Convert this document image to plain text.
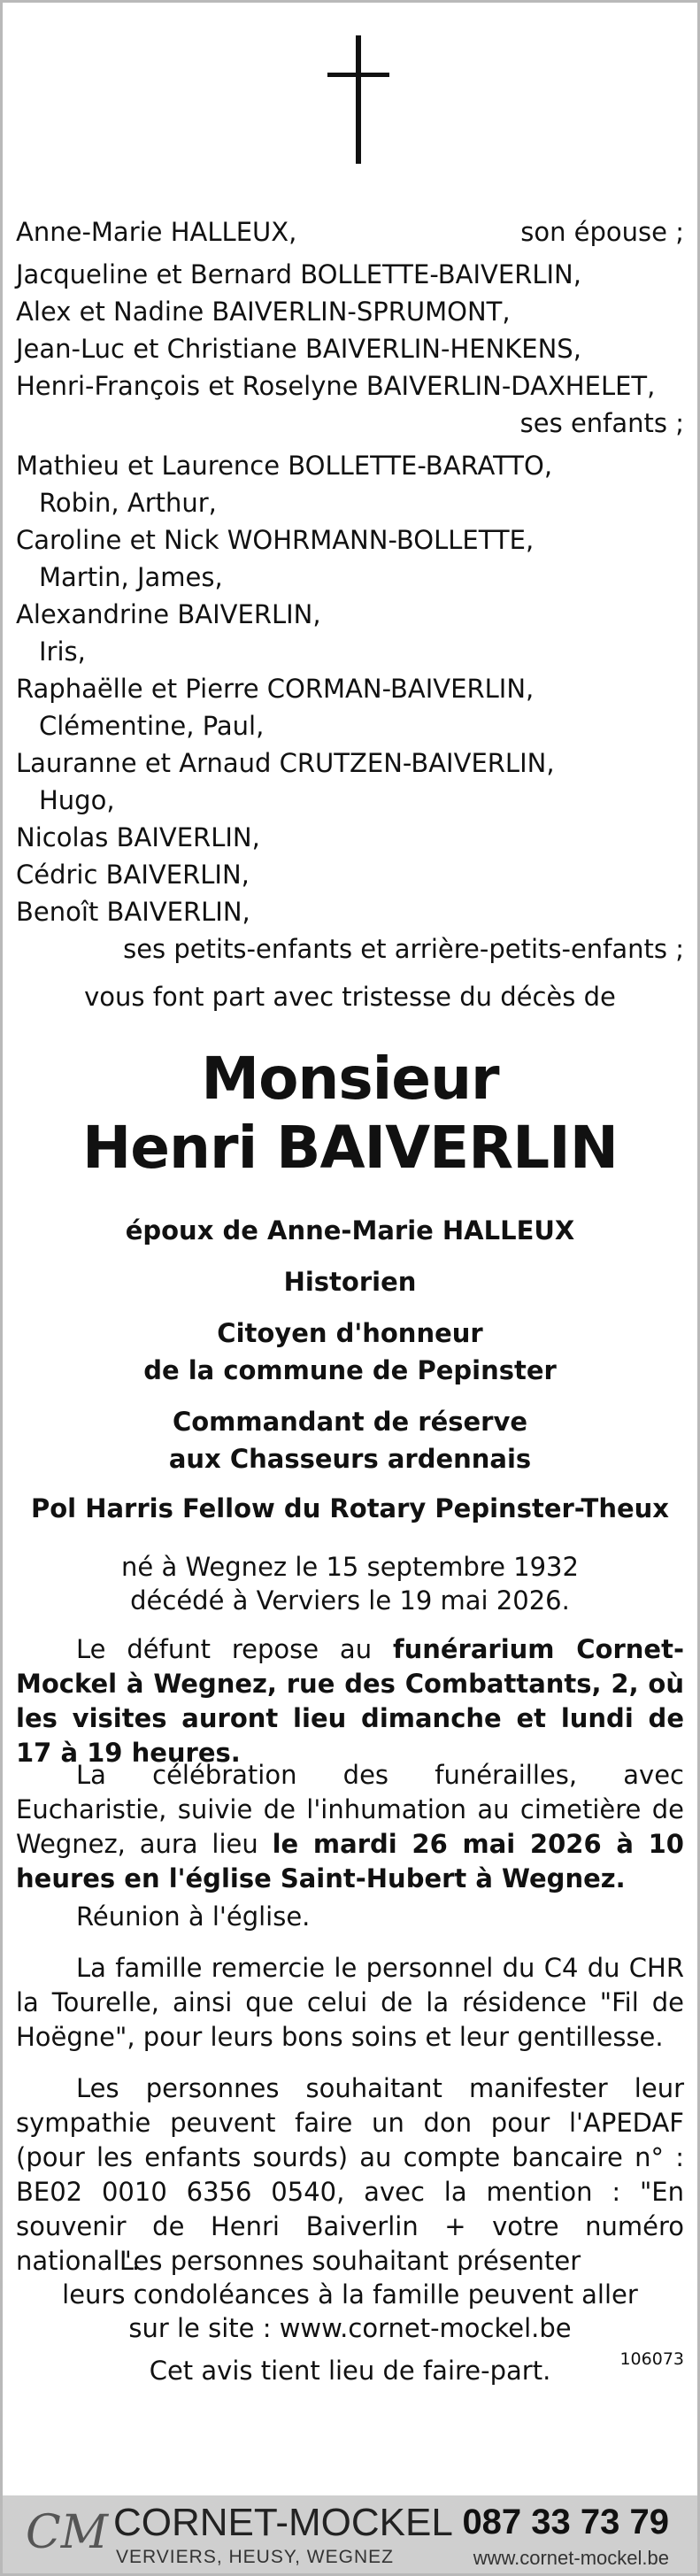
Anne-Marie HALLEUX,	son épouse ;
Jacqueline et Bernard BOLLETTE-BAIVERLIN,
Alex et Nadine BAIVERLIN-SPRUMONT,
Jean-Luc et Christiane BAIVERLIN-HENKENS,
Henri-François et Roselyne BAIVERLIN-DAXHELET,
ses enfants ;
Mathieu et Laurence BOLLETTE-BARATTO,
Robin, Arthur,
Caroline et Nick WOHRMANN-BOLLETTE,
Martin, James,
Alexandrine BAIVERLIN,
Iris,
Raphaëlle et Pierre CORMAN-BAIVERLIN,
Clémentine, Paul,
Lauranne et Arnaud CRUTZEN-BAIVERLIN,
Hugo,
Nicolas BAIVERLIN,
Cédric BAIVERLIN,
Benoît BAIVERLIN,
ses petits-enfants et arrière-petits-enfants ;
vous font part avec tristesse du décès de
Monsieur
Henri BAIVERLIN
époux de Anne-Marie HALLEUX
Historien
Citoyen d'honneur
de la commune de Pepinster
Commandant de réserve
aux Chasseurs ardennais
Pol Harris Fellow du Rotary Pepinster-Theux
né à Wegnez le 15 septembre 1932
décédé à Verviers le 19 mai 2026.
Le défunt repose au funérarium Cornet-Mockel à Wegnez, rue des Combattants, 2, où les visites auront lieu dimanche et lundi de 17 à 19 heures.
La célébration des funérailles, avec Eucharistie, suivie de l'inhumation au cimetière de Wegnez, aura lieu le mardi 26 mai 2026 à 10 heures en l'église Saint-Hubert à Wegnez.
Réunion à l'église.
La famille remercie le personnel du C4 du CHR la Tourelle, ainsi que celui de la résidence "Fil de Hoëgne", pour leurs bons soins et leur gentillesse.
Les personnes souhaitant manifester leur sympathie peuvent faire un don pour l'APEDAF (pour les enfants sourds) au compte bancaire n° : BE02 0010 6356 0540, avec la mention : "En souvenir de Henri Baiverlin + votre numéro national".
Les personnes souhaitant présenter
leurs condoléances à la famille peuvent aller
sur le site : www.cornet-mockel.be
Cet avis tient lieu de faire-part.	106073
CM CORNET-MOCKEL
VERVIERS, HEUSY, WEGNEZ
087 33 73 79
www.cornet-mockel.be
